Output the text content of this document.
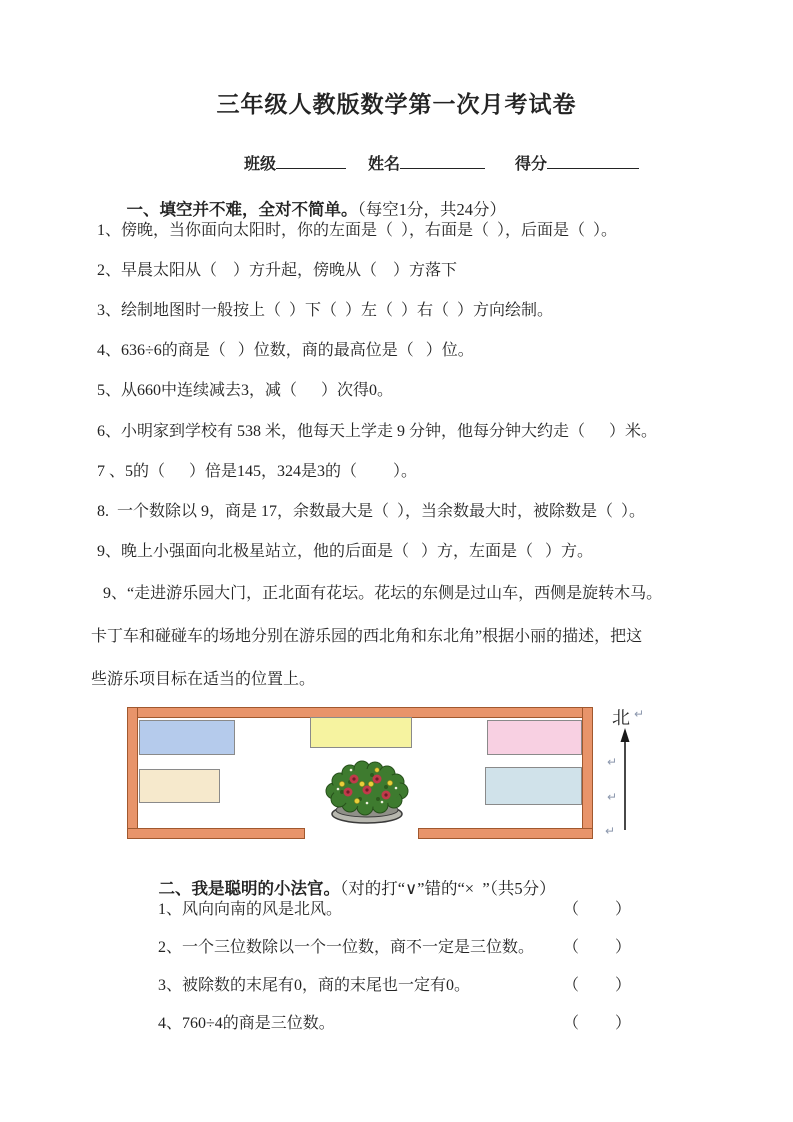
三年级人教版数学第一次月考试卷

班级	姓名	得分

一、填空并不难，全对不简单。（每空1分，共24分）

1、傍晚，当你面向太阳时，你的左面是（  ），右面是（  ），后面是（  ）。
2、早晨太阳从（    ）方升起，傍晚从（    ）方落下
3、绘制地图时一般按上（  ）下（  ）左（  ）右（  ）方向绘制。
4、636÷6的商是（   ）位数，商的最高位是（   ）位。
5、从660中连续减去3，减（      ）次得0。
6、小明家到学校有 538 米，他每天上学走 9 分钟，他每分钟大约走（      ）米。
7 、5的（      ）倍是145，324是3的（         ）。
8.  一个数除以 9，商是 17，余数最大是（  ），当余数最大时，被除数是（  ）。
9、晚上小强面向北极星站立，他的后面是（   ）方，左面是（   ）方。
9、“走进游乐园大门，正北面有花坛。花坛的东侧是过山车，西侧是旋转木马。
卡丁车和碰碰车的场地分别在游乐园的西北角和东北角”根据小丽的描述，把这
些游乐项目标在适当的位置上。
北 ↵
↵
↵
↵

二、我是聪明的小法官。（对的打“∨”错的“×  ”（共5分）

1、风向向南的风是北风。	（    ）
2、一个三位数除以一个一位数，商不一定是三位数。 （    ）
3、被除数的末尾有0，商的末尾也一定有0。	（    ）
4、760÷4的商是三位数。	（    ）
